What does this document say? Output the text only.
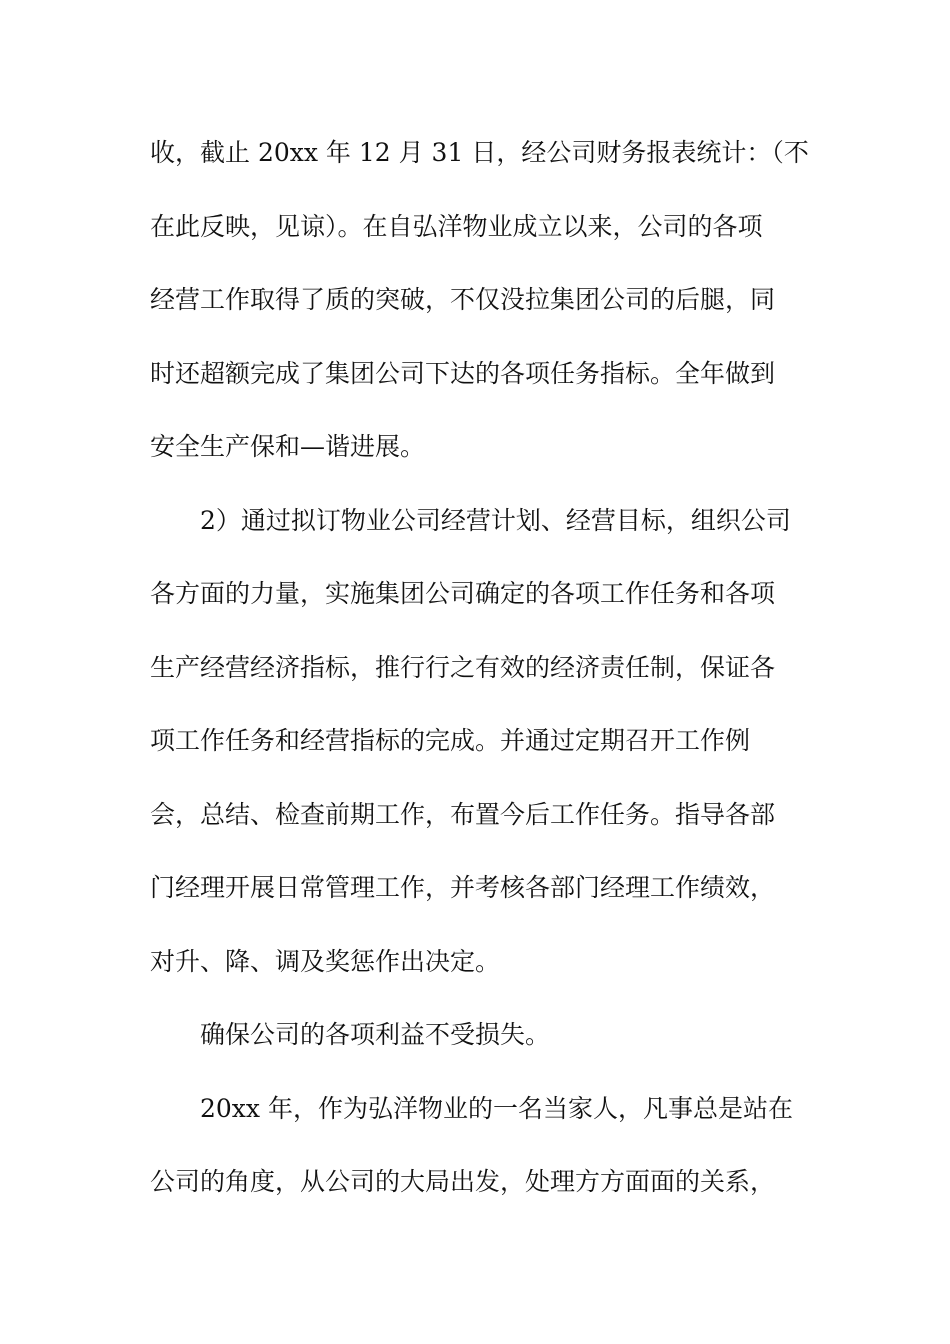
收，截止 20xx 年 12 月 31 日，经公司财务报表统计：（不
在此反映，见谅）。在自弘洋物业成立以来，公司的各项
经营工作取得了质的突破，不仅没拉集团公司的后腿，同
时还超额完成了集团公司下达的各项任务指标。全年做到
安全生产保和—谐进展。
2）通过拟订物业公司经营计划、经营目标，组织公司
各方面的力量，实施集团公司确定的各项工作任务和各项
生产经营经济指标，推行行之有效的经济责任制，保证各
项工作任务和经营指标的完成。并通过定期召开工作例
会，总结、检查前期工作，布置今后工作任务。指导各部
门经理开展日常管理工作，并考核各部门经理工作绩效，
对升、降、调及奖惩作出决定。
确保公司的各项利益不受损失。
20xx 年，作为弘洋物业的一名当家人，凡事总是站在
公司的角度，从公司的大局出发，处理方方面面的关系，
